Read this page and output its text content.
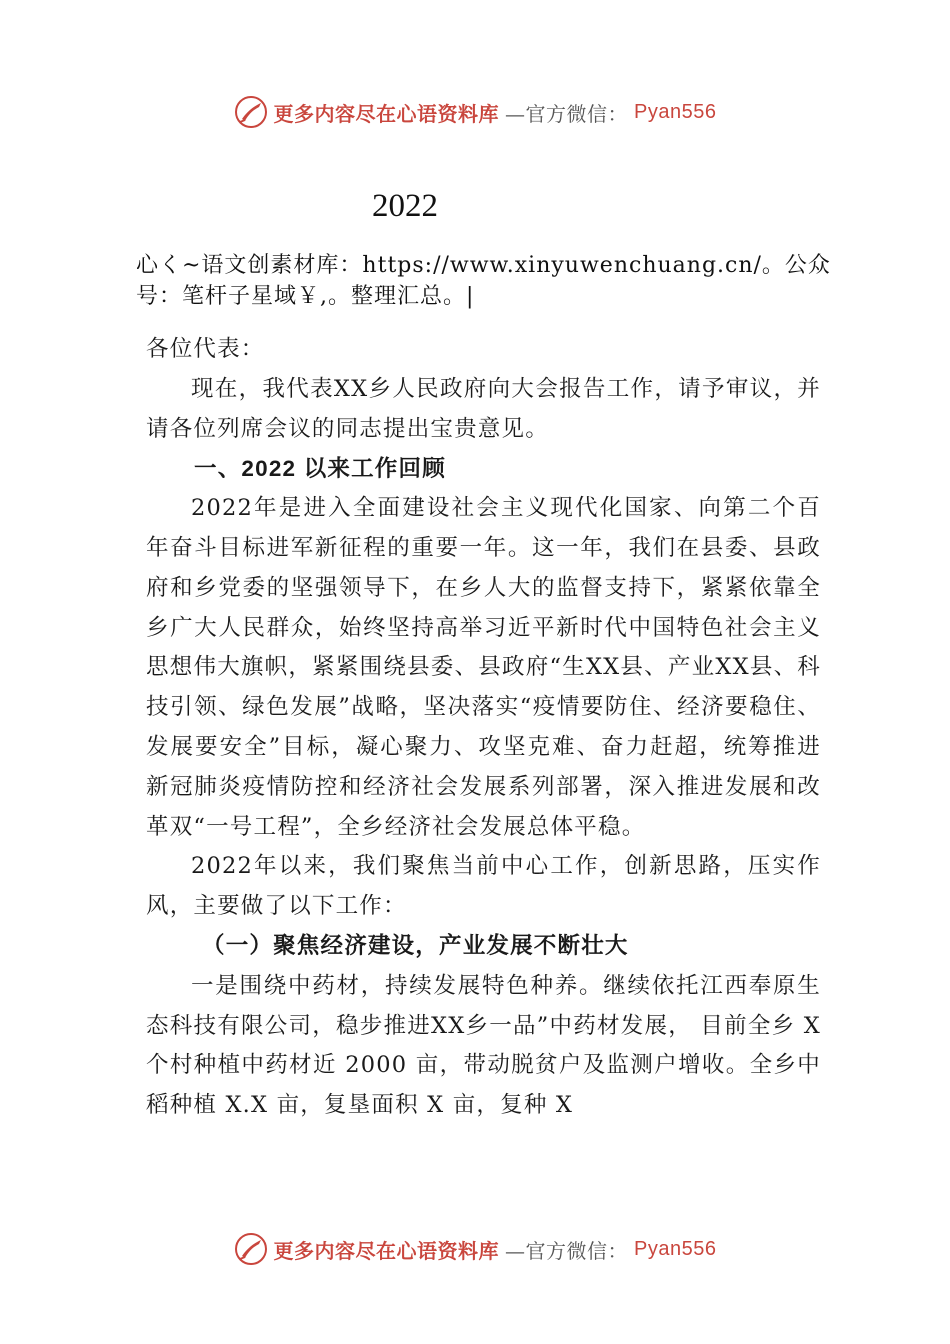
更多内容尽在心语资料库 —官方微信： Pyan556
2022
心く~语文创素材库：https://www.xinyuwenchuang.cn/。公众号：笔杆子星域￥,。整理汇总。|

各位代表：

现在，我代表XX乡人民政府向大会报告工作，请予审议，并请各位列席会议的同志提出宝贵意见。

一、2022 以来工作回顾

2022年是进入全面建设社会主义现代化国家、向第二个百年奋斗目标进军新征程的重要一年。这一年，我们在县委、县政府和乡党委的坚强领导下，在乡人大的监督支持下，紧紧依靠全乡广大人民群众，始终坚持高举习近平新时代中国特色社会主义思想伟大旗帜，紧紧围绕县委、县政府“生XX县、产业XX县、科技引领、绿色发展”战略，坚决落实“疫情要防住、经济要稳住、发展要安全”目标，凝心聚力、攻坚克难、奋力赶超，统筹推进新冠肺炎疫情防控和经济社会发展系列部署，深入推进发展和改革双“一号工程”，全乡经济社会发展总体平稳。

2022年以来，我们聚焦当前中心工作，创新思路，压实作风，主要做了以下工作：

（一）聚焦经济建设，产业发展不断壮大

一是围绕中药材，持续发展特色种养。继续依托江西奉原生态科技有限公司，稳步推进XX乡一品”中药材发展， 目前全乡 X 个村种植中药材近 2000 亩，带动脱贫户及监测户增收。全乡中稻种植 X.X 亩，复垦面积 X 亩，复种 X

更多内容尽在心语资料库 —官方微信： Pyan556
